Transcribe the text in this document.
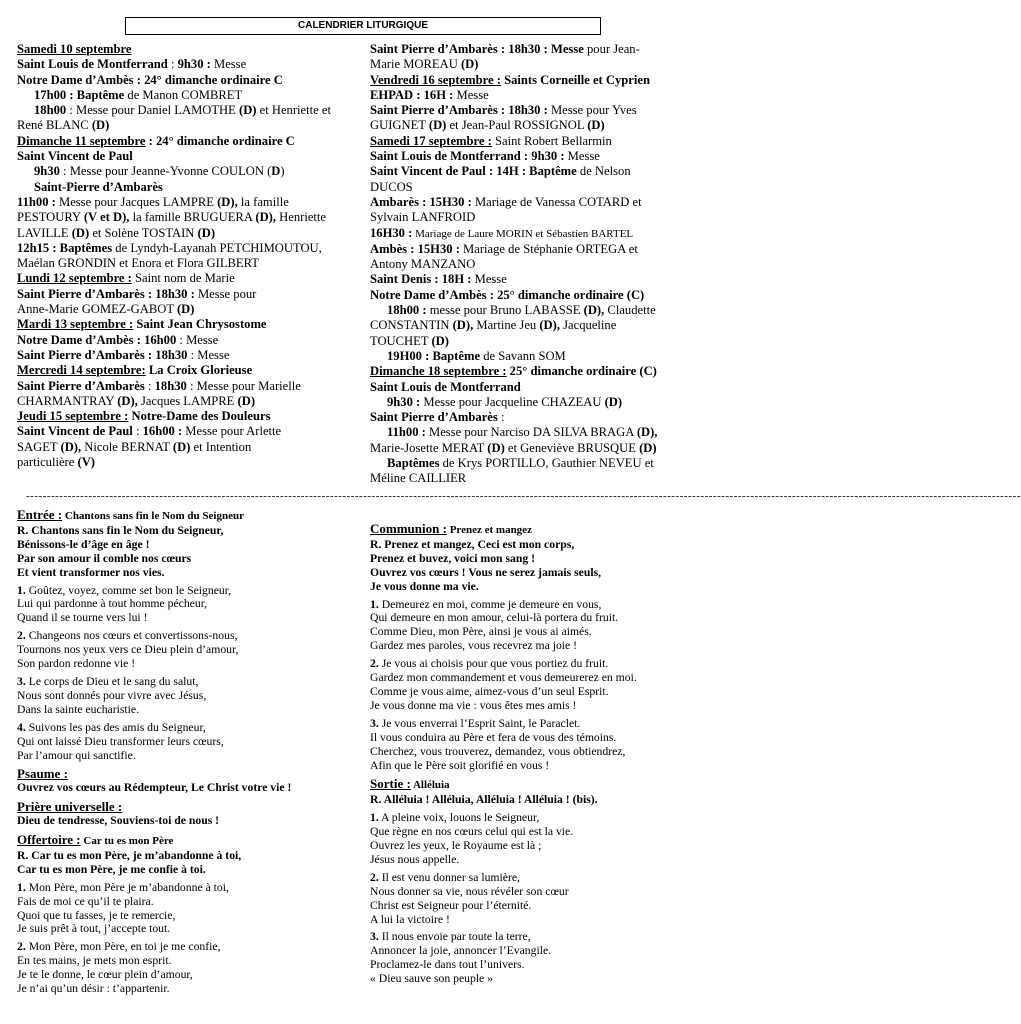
CALENDRIER LITURGIQUE
Samedi 10 septembre
Saint Louis de Montferrand : 9h30 : Messe
Notre Dame d’Ambès : 24° dimanche ordinaire C
17h00 : Baptême de Manon COMBRET
18h00 : Messe pour Daniel LAMOTHE (D) et Henriette et
René BLANC (D)
Dimanche 11 septembre : 24° dimanche ordinaire C
Saint Vincent de Paul
9h30 : Messe pour Jeanne-Yvonne COULON (D)
Saint-Pierre d’Ambarès
11h00 : Messe pour Jacques LAMPRE (D), la famille
PESTOURY (V et D), la famille BRUGUERA (D), Henriette
LAVILLE (D) et Solène TOSTAIN (D)
12h15 : Baptêmes de Lyndyh-Layanah PETCHIMOUTOU,
Maélan GRONDIN et Enora et Flora GILBERT
Lundi 12 septembre : Saint nom de Marie
Saint Pierre d’Ambarès : 18h30 : Messe pour
Anne-Marie GOMEZ-GABOT (D)
Mardi 13 septembre : Saint Jean Chrysostome
Notre Dame d’Ambès : 16h00 : Messe
Saint Pierre d’Ambarès : 18h30 : Messe
Mercredi 14 septembre: La Croix Glorieuse
Saint Pierre d’Ambarès : 18h30 : Messe pour Marielle
CHARMANTRAY (D), Jacques LAMPRE (D)
Jeudi 15 septembre : Notre-Dame des Douleurs
Saint Vincent de Paul : 16h00 : Messe pour Arlette
SAGET (D), Nicole BERNAT (D) et Intention
particulière (V)
Saint Pierre d’Ambarès : 18h30 : Messe pour Jean-
Marie MOREAU (D)
Vendredi 16 septembre : Saints Corneille et Cyprien
EHPAD : 16H : Messe
Saint Pierre d’Ambarès : 18h30 : Messe pour Yves
GUIGNET (D) et Jean-Paul ROSSIGNOL (D)
Samedi 17 septembre : Saint Robert Bellarmin
Saint Louis de Montferrand : 9h30 : Messe
Saint Vincent de Paul : 14H : Baptême de Nelson
DUCOS
Ambarès : 15H30 : Mariage de Vanessa COTARD et
Sylvain LANFROID
16H30 : Mariage de Laure MORIN et Sébastien BARTEL
Ambès : 15H30 : Mariage de Stéphanie ORTEGA et
Antony MANZANO
Saint Denis : 18H : Messe
Notre Dame d’Ambès : 25° dimanche ordinaire (C)
18h00 : messe pour Bruno LABASSE (D), Claudette
CONSTANTIN (D), Martine Jeu (D), Jacqueline
TOUCHET (D)
19H00 : Baptême de Savann SOM
Dimanche 18 septembre : 25° dimanche ordinaire (C)
Saint Louis de Montferrand
9h30 : Messe pour Jacqueline CHAZEAU (D)
Saint Pierre d’Ambarès :
11h00 : Messe pour Narciso DA SILVA BRAGA (D),
Marie-Josette MERAT (D) et Geneviève BRUSQUE (D)
Baptêmes de Krys PORTILLO, Gauthier NEVEU et
Méline CAILLIER
-----------------------------------------------------------------------------------------------------------------------------------------------------------------------------------------------------------------------------------------------
Entrée : Chantons sans fin le Nom du Seigneur
R. Chantons sans fin le Nom du Seigneur,
Bénissons-le d’âge en âge !
Par son amour il comble nos cœurs
Et vient transformer nos vies.
1. Goûtez, voyez, comme set bon le Seigneur,
Lui qui pardonne à tout homme pécheur,
Quand il se tourne vers lui !
2. Changeons nos cœurs et convertissons-nous,
Tournons nos yeux vers ce Dieu plein d’amour,
Son pardon redonne vie !
3. Le corps de Dieu et le sang du salut,
Nous sont donnés pour vivre avec Jésus,
Dans la sainte eucharistie.
4. Suivons les pas des amis du Seigneur,
Qui ont laissé Dieu transformer leurs cœurs,
Par l’amour qui sanctifie.
Psaume :
Ouvrez vos cœurs au Rédempteur, Le Christ votre vie !
Prière universelle :
Dieu de tendresse, Souviens-toi de nous !
Offertoire : Car tu es mon Père
R. Car tu es mon Père, je m’abandonne à toi,
Car tu es mon Père, je me confie à toi.
1. Mon Père, mon Père je m’abandonne à toi,
Fais de moi ce qu’il te plaira.
Quoi que tu fasses, je te remercie,
Je suis prêt à tout, j’accepte tout.
2. Mon Père, mon Père, en toi je me confie,
En tes mains, je mets mon esprit.
Je te le donne, le cœur plein d’amour,
Je n’ai qu’un désir : t’appartenir.
Communion : Prenez et mangez
R. Prenez et mangez, Ceci est mon corps,
Prenez et buvez, voici mon sang !
Ouvrez vos cœurs ! Vous ne serez jamais seuls,
Je vous donne ma vie.
1. Demeurez en moi, comme je demeure en vous,
Qui demeure en mon amour, celui-là portera du fruit.
Comme Dieu, mon Père, ainsi je vous ai aimés.
Gardez mes paroles, vous recevrez ma joie !
2. Je vous ai choisis pour que vous portiez du fruit.
Gardez mon commandement et vous demeurerez en moi.
Comme je vous aime, aimez-vous d’un seul Esprit.
Je vous donne ma vie : vous êtes mes amis !
3. Je vous enverrai l’Esprit Saint, le Paraclet.
Il vous conduira au Père et fera de vous des témoins.
Cherchez, vous trouverez, demandez, vous obtiendrez,
Afin que le Père soit glorifié en vous !
Sortie : Alléluia
R. Alléluia ! Alléluia, Alléluia ! Alléluia ! (bis).
1. A pleine voix, louons le Seigneur,
Que règne en nos cœurs celui qui est la vie.
Ouvrez les yeux, le Royaume est là ;
Jésus nous appelle.
2. Il est venu donner sa lumière,
Nous donner sa vie, nous révéler son cœur
Christ est Seigneur pour l’éternité.
A lui la victoire !
3. Il nous envoie par toute la terre,
Annoncer la joie, annoncer l’Evangile.
Proclamez-le dans tout l’univers.
« Dieu sauve son peuple »
